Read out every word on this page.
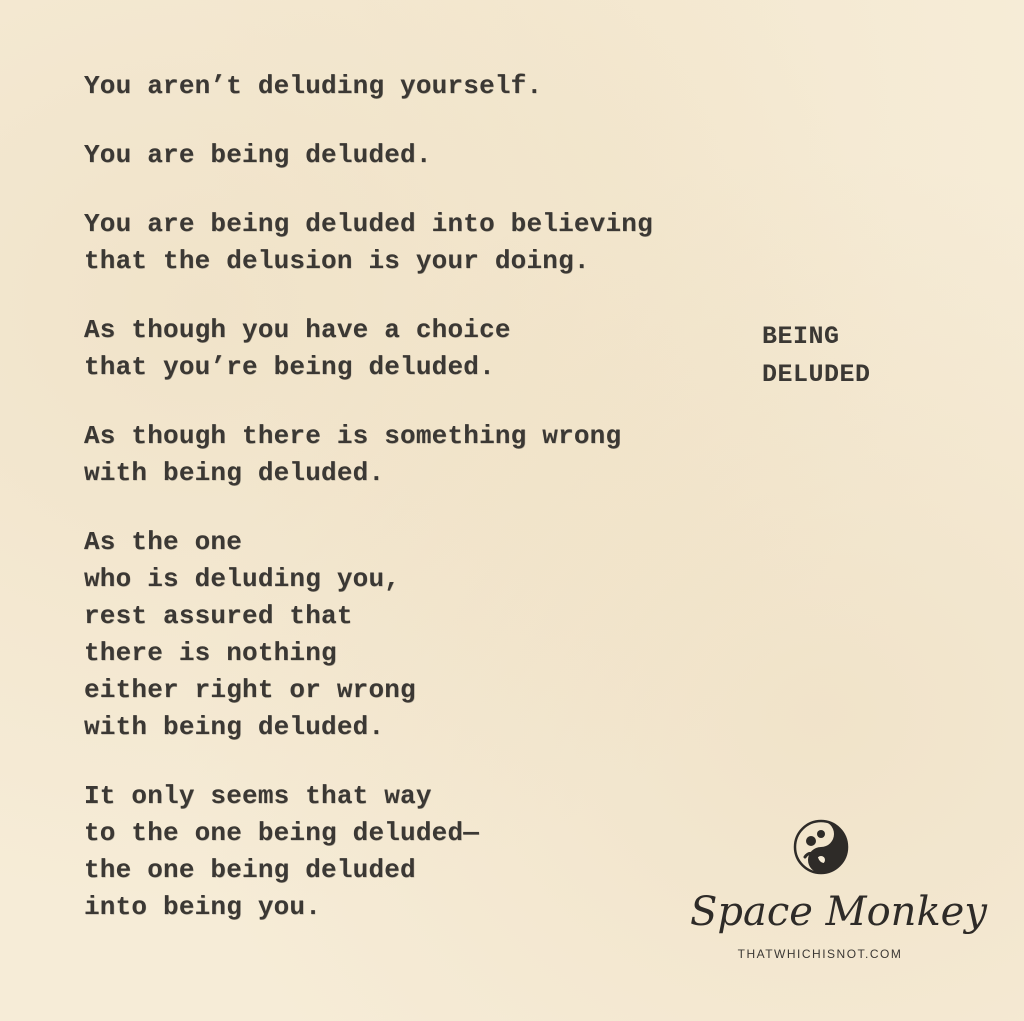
You aren’t deluding yourself.
You are being deluded.
You are being deluded into believing
that the delusion is your doing.
As though you have a choice
that you’re being deluded.
As though there is something wrong
with being deluded.
As the one
who is deluding you,
rest assured that
there is nothing
either right or wrong
with being deluded.
It only seems that way
to the one being deluded—
the one being deluded
into being you.
BEING
DELUDED
Space Monkey
THATWHICHISNOT.COM
